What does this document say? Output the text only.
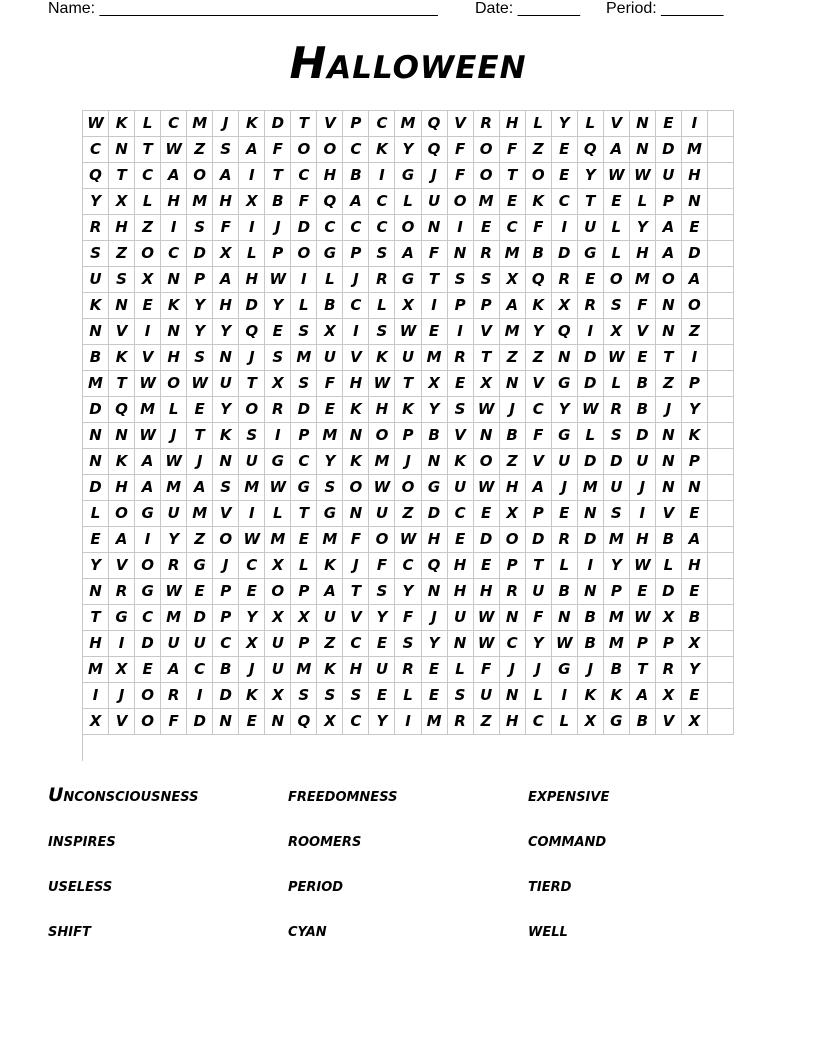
Name: ______________________________________ Date: _______ Period: _______
Halloween
W K	L	C M	J	K D T	V P	C M Q V R H L	Y	L	V N E	I
C N T W Z	S A	F O O C K Y Q F O F	Z	E Q A N D M
Q T	C A O A	I	T	C H B	I	G	J	F O T O E	Y W W U H
Y X	L H M H X B	F Q A C	L	U O M E	K C	T	E	L	P N
R H Z	I	S	F	I	J	D C	C	C O N	I	E	C	F	I	U	L	Y A	E
S	Z O C D X	L	P O G P	S A	F N R M B D G	L H A D
U S X N P A H W I	L	J	R G T	S	S X Q R	E O M O A
K N E	K Y H D Y	L	B C	L	X	I	P	P A K X R S	F N O
N V	I	N Y	Y Q E	S X	I	S W E	I	V M Y Q	I	X V N Z
B K V H S N	J	S M U V K U M R	T	Z	Z N D W E	T	I
M T W O W U T	X S	F H W T	X	E	X N V G D	L	B Z	P
D Q M L	E	Y O R D E	K H K Y	S W J	C	Y W R B	J	Y
N N W J	T	K S	I	P M N O P B V N B	F G	L	S D N K
N K A W J	N U G C	Y K M	J	N K O Z V U D D U N P
D H A M A S M W G S O W O G U W H A	J	M U	J	N N
L O G U M V	I	L	T G N U Z D C	E	X P	E N S	I	V	E
E	A	I	Y	Z O W M E M F O W H E D O D R D M H B A
Y V O R G	J	C X	L	K	J	F	C Q H E	P	T	L	I	Y W L H
N R G W E	P	E O P A	T	S	Y N H H R U B N P	E D E
T G C M D P	Y X X U V Y	F	J	U W N F N B M W X B
H	I	D U U C X U P	Z	C	E	S	Y N W C	Y W B M P	P X
M X	E	A C B	J	U M K H U R	E	L	F	J	J	G	J	B	T	R Y
I	J	O R	I	D K X S	S	S	E	L	E	S U N L	I	K K A X	E
X V O F D N E N Q X C	Y	I	M R Z H C	L	X G B V X
Unconsciousness	freedomness	expensive
inspires	roomers	command
useless	period	tierd
shift	cyan	well
